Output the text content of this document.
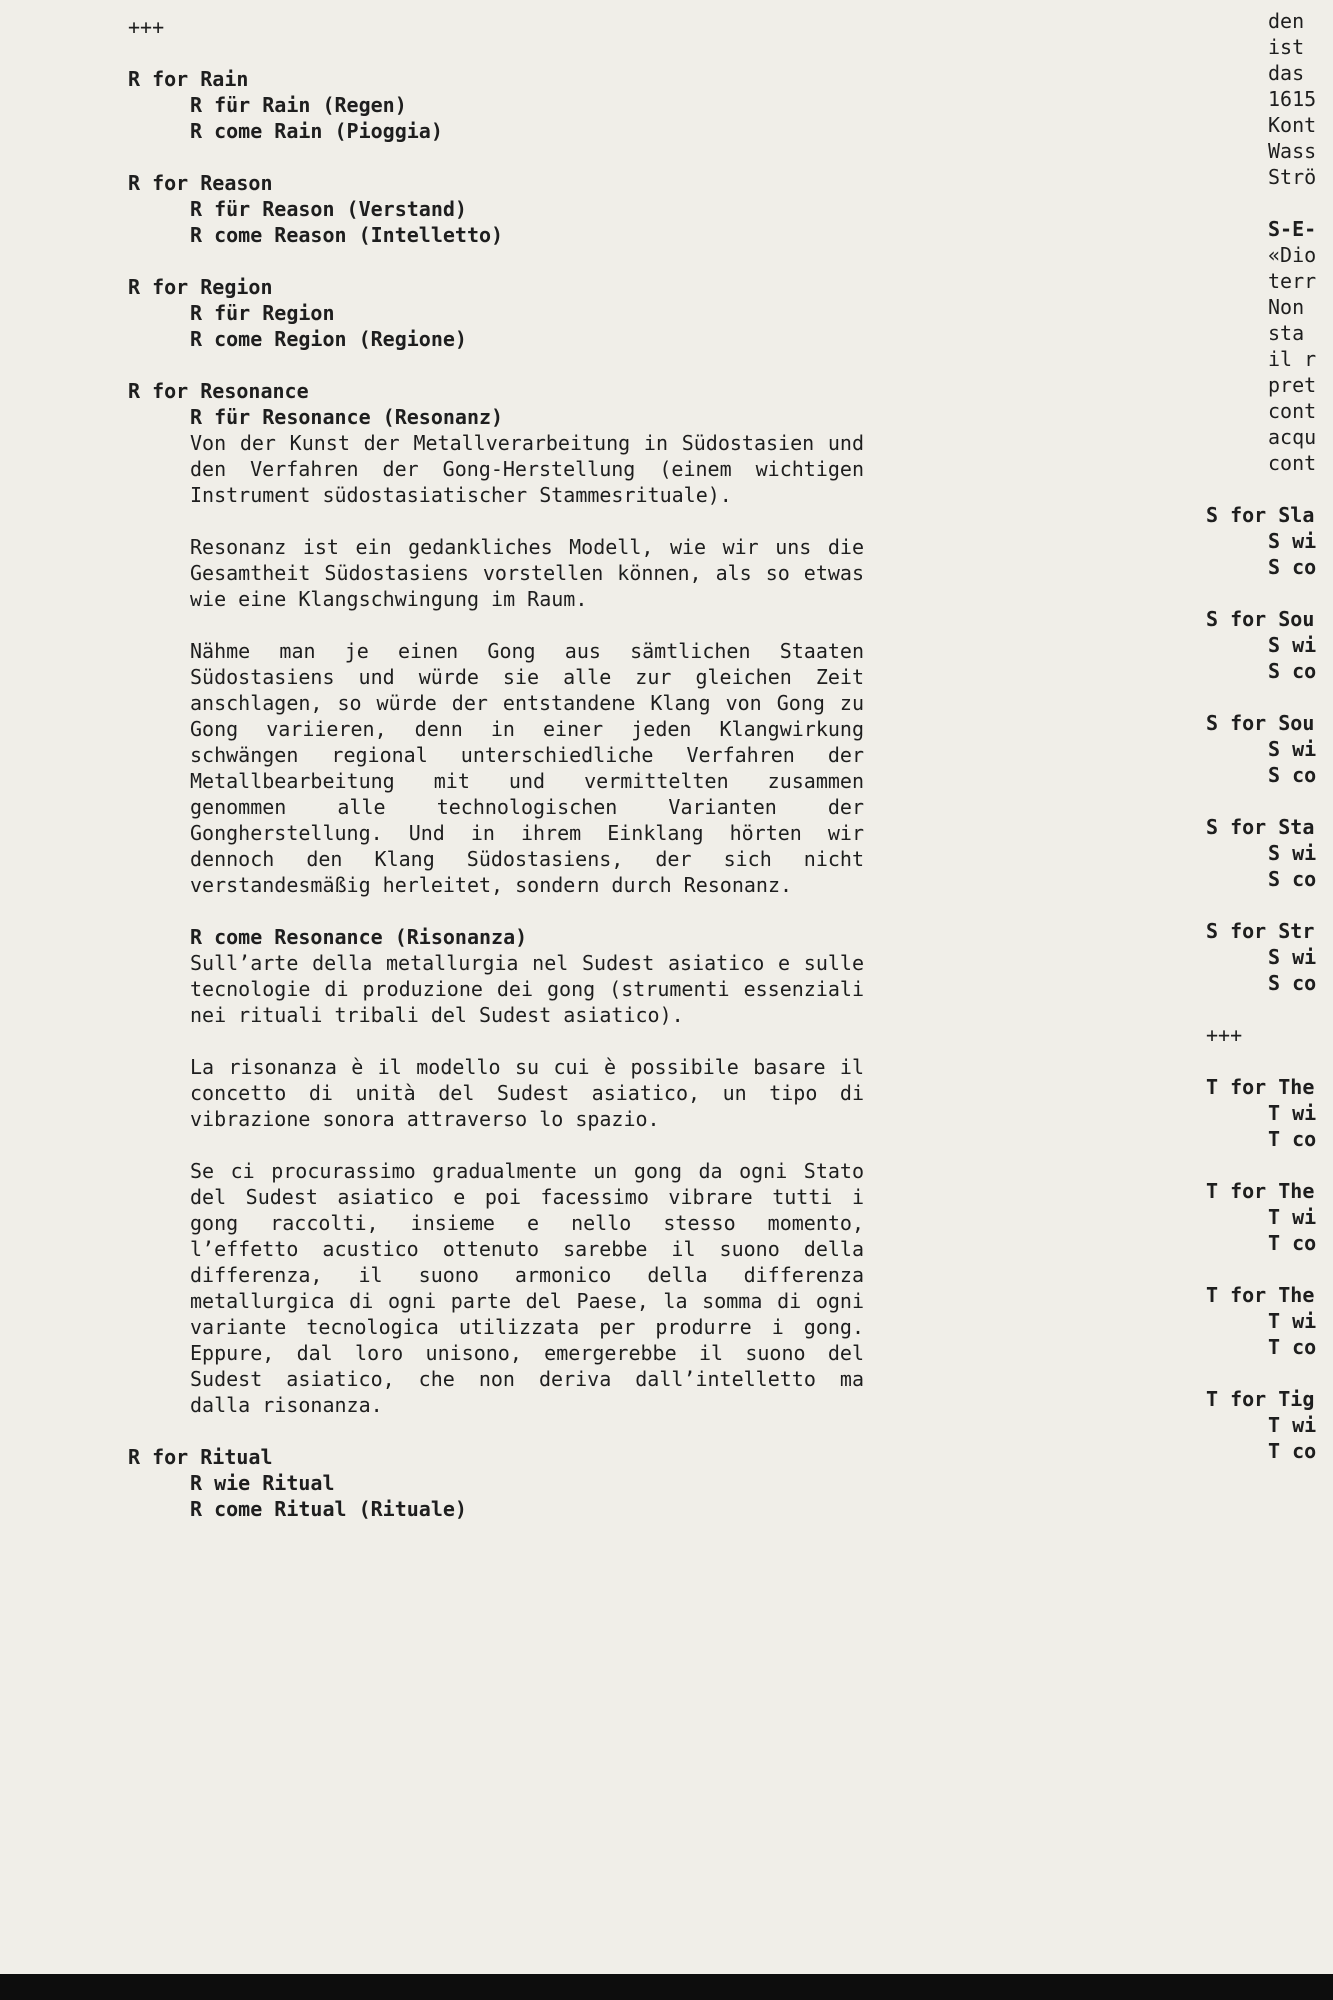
+++
R for Rain
R für Rain (Regen)
R come Rain (Pioggia)
R for Reason
R für Reason (Verstand)
R come Reason (Intelletto)
R for Region
R für Region
R come Region (Regione)
R for Resonance
R für Resonance (Resonanz)
Von der Kunst der Metallverarbeitung in Südostasien und den Verfahren der Gong-Herstellung (einem wichtigen Instrument südostasiatischer Stammesrituale).
Resonanz ist ein gedankliches Modell, wie wir uns die Gesamtheit Südostasiens vorstellen können, als so etwas wie eine Klangschwingung im Raum.
Nähme man je einen Gong aus sämtlichen Staaten Südostasiens und würde sie alle zur gleichen Zeit anschlagen, so würde der entstandene Klang von Gong zu Gong variieren, denn in einer jeden Klangwirkung schwängen regional unterschiedliche Verfahren der Metallbearbeitung mit und vermittelten zusammen genommen alle technologischen Varianten der Gongherstellung. Und in ihrem Einklang hörten wir dennoch den Klang Südostasiens, der sich nicht verstandesmäßig herleitet, sondern durch Resonanz.
R come Resonance (Risonanza)
Sull’arte della metallurgia nel Sudest asiatico e sulle tecnologie di produzione dei gong (strumenti essenziali nei rituali tribali del Sudest asiatico).
La risonanza è il modello su cui è possibile basare il concetto di unità del Sudest asiatico, un tipo di vibrazione sonora attraverso lo spazio.
Se ci procurassimo gradualmente un gong da ogni Stato del Sudest asiatico e poi facessimo vibrare tutti i gong raccolti, insieme e nello stesso momento, l’effetto acustico ottenuto sarebbe il suono della differenza, il suono armonico della differenza metallurgica di ogni parte del Paese, la somma di ogni variante tecnologica utilizzata per produrre i gong. Eppure, dal loro unisono, emergerebbe il suono del Sudest asiatico, che non deriva dall’intelletto ma dalla risonanza.
R for Ritual
R wie Ritual
R come Ritual (Rituale)
den
ist
das
1615
Kont
Wass
Strö
S-E-
«Dio
terr
Non
sta
il r
pret
cont
acqu
cont
S for Sla
S wi
S co
S for Sou
S wi
S co
S for Sou
S wi
S co
S for Sta
S wi
S co
S for Str
S wi
S co
+++
T for The
T wi
T co
T for The
T wi
T co
T for The
T wi
T co
T for Tig
T wi
T co
